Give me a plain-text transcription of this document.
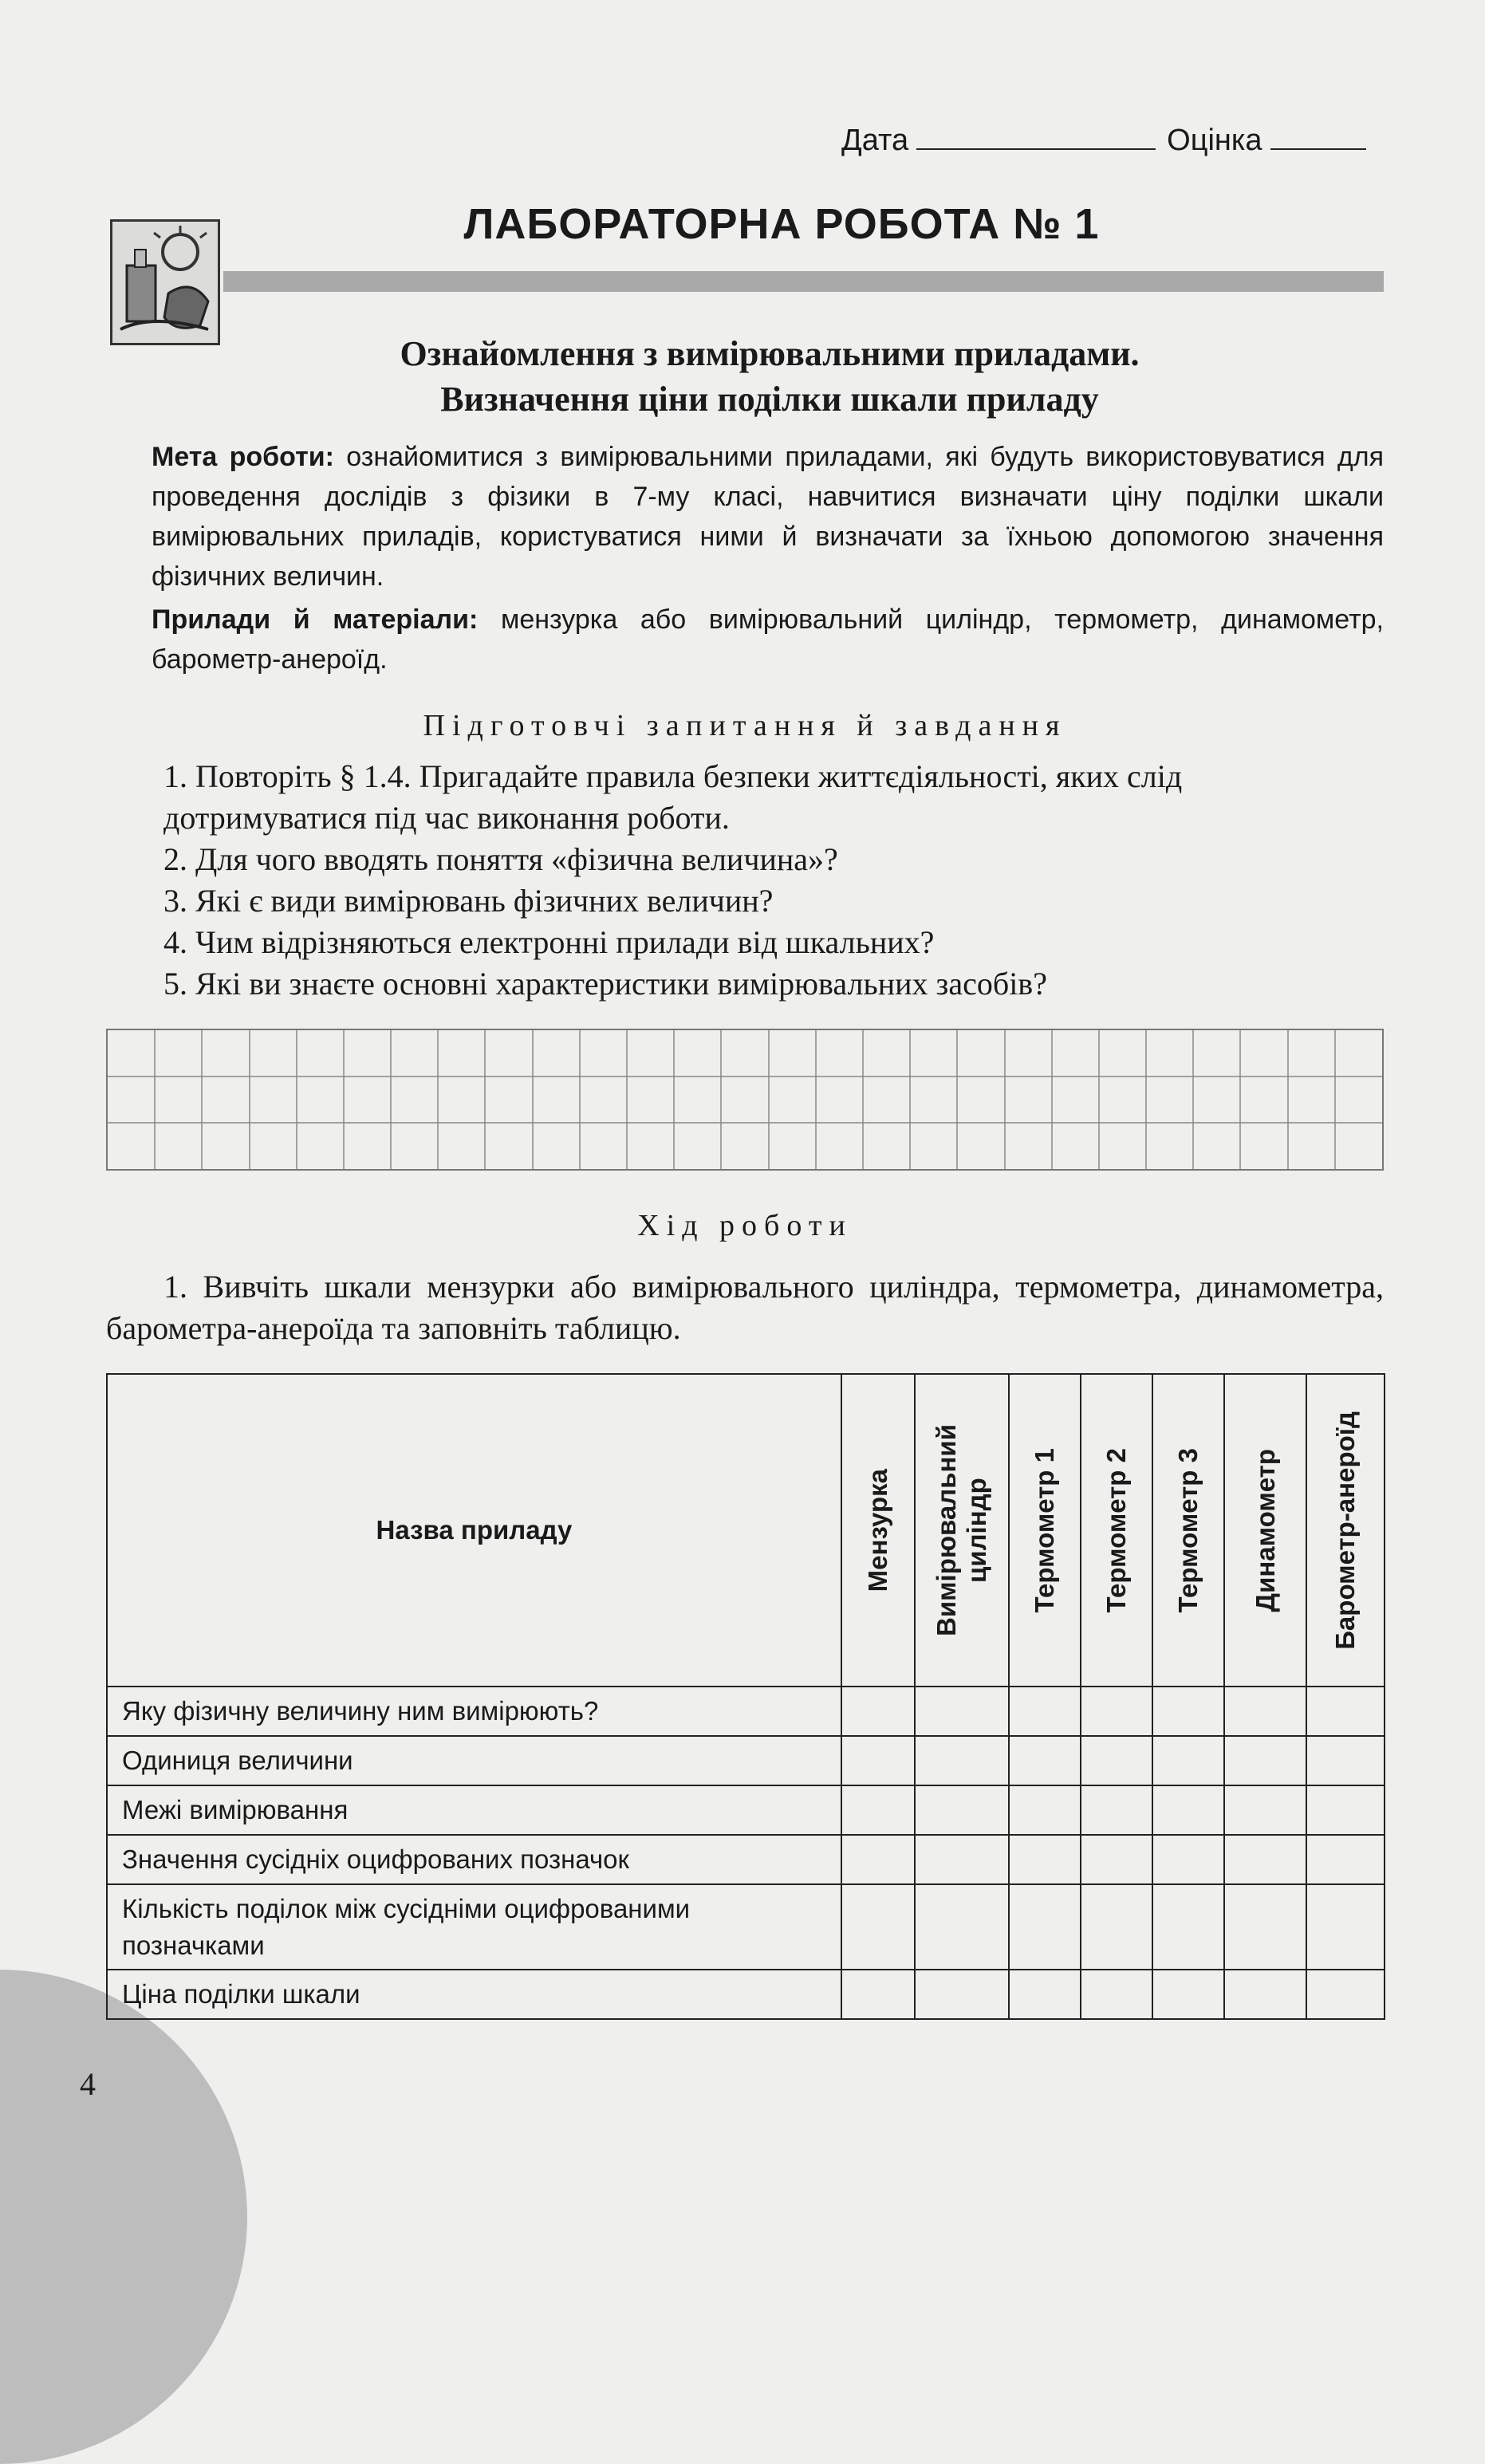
Дата	Оцінка
ЛАБОРАТОРНА РОБОТА № 1
Ознайомлення з вимірювальними приладами.
Визначення ціни поділки шкали приладу
Мета роботи: ознайомитися з вимірювальними приладами, які будуть використовуватися для проведення дослідів з фізики в 7-му класі, навчитися визначати ціну поділки шкали вимірювальних приладів, користуватися ними й визначати за їхньою допомогою значення фізичних величин.
Прилади й матеріали: мензурка або вимірювальний циліндр, термометр, динамометр, барометр-анероїд.
Підготовчі запитання й завдання
1. Повторіть § 1.4. Пригадайте правила безпеки життєдіяльності, яких слід дотримуватися під час виконання роботи.
2. Для чого вводять поняття «фізична величина»?
3. Які є види вимірювань фізичних величин?
4. Чим відрізняються електронні прилади від шкальних?
5. Які ви знаєте основні характеристики вимірювальних засобів?
Хід роботи
1. Вивчіть шкали мензурки або вимірювального циліндра, термометра, динамометра, барометра-анероїда та заповніть таблицю.
Назва приладу	Мензурка	Вимірювальний циліндр	Термометр 1	Термометр 2	Термометр 3	Динамометр	Барометр-анероїд

Яку фізичну величину ним вимірюють?							
Одиниця величини							
Межі вимірювання							
Значення сусідніх оцифрованих позначок							
Кількість поділок між сусідніми оцифрованими позначками							
Ціна поділки шкали							
4
